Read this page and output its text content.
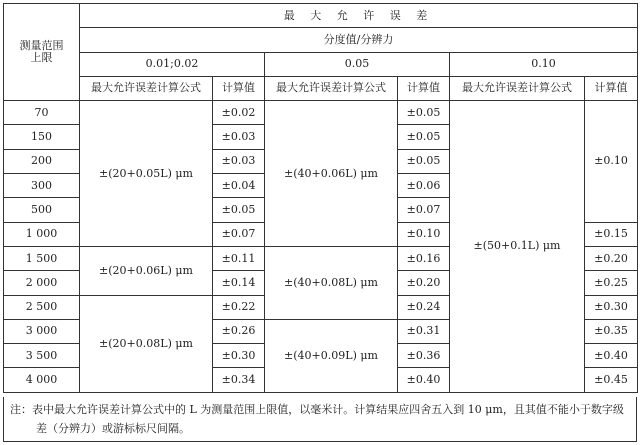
测量范围上限	最 大 允 许 误 差					
	分度值/分辨力					
	0.01;0.02		0.05		0.10	
	最大允许误差计算公式	计算值	最大允许误差计算公式	计算值	最大允许误差计算公式	计算值
70	±(20+0.05L) μm	±0.02	±(40+0.06L) μm	±0.05	±(50+0.1L) μm	±0.10
150		±0.03		±0.05		
200		±0.03		±0.05		
300		±0.04		±0.06		
500		±0.05		±0.07		
1 000		±0.07		±0.10		±0.15
1 500	±(20+0.06L) μm	±0.11	±(40+0.08L) μm	±0.16		±0.20
2 000		±0.14		±0.20		±0.25
2 500	±(20+0.08L) μm	±0.22		±0.24		±0.30
3 000		±0.26	±(40+0.09L) μm	±0.31		±0.35
3 500		±0.30		±0.36		±0.40
4 000		±0.34		±0.40		±0.45
注：表中最大允许误差计算公式中的 L 为测量范围上限值，以毫米计。计算结果应四舍五入到 10 μm，且其值不能小于数字级差（分辨力）或游标标尺间隔。
